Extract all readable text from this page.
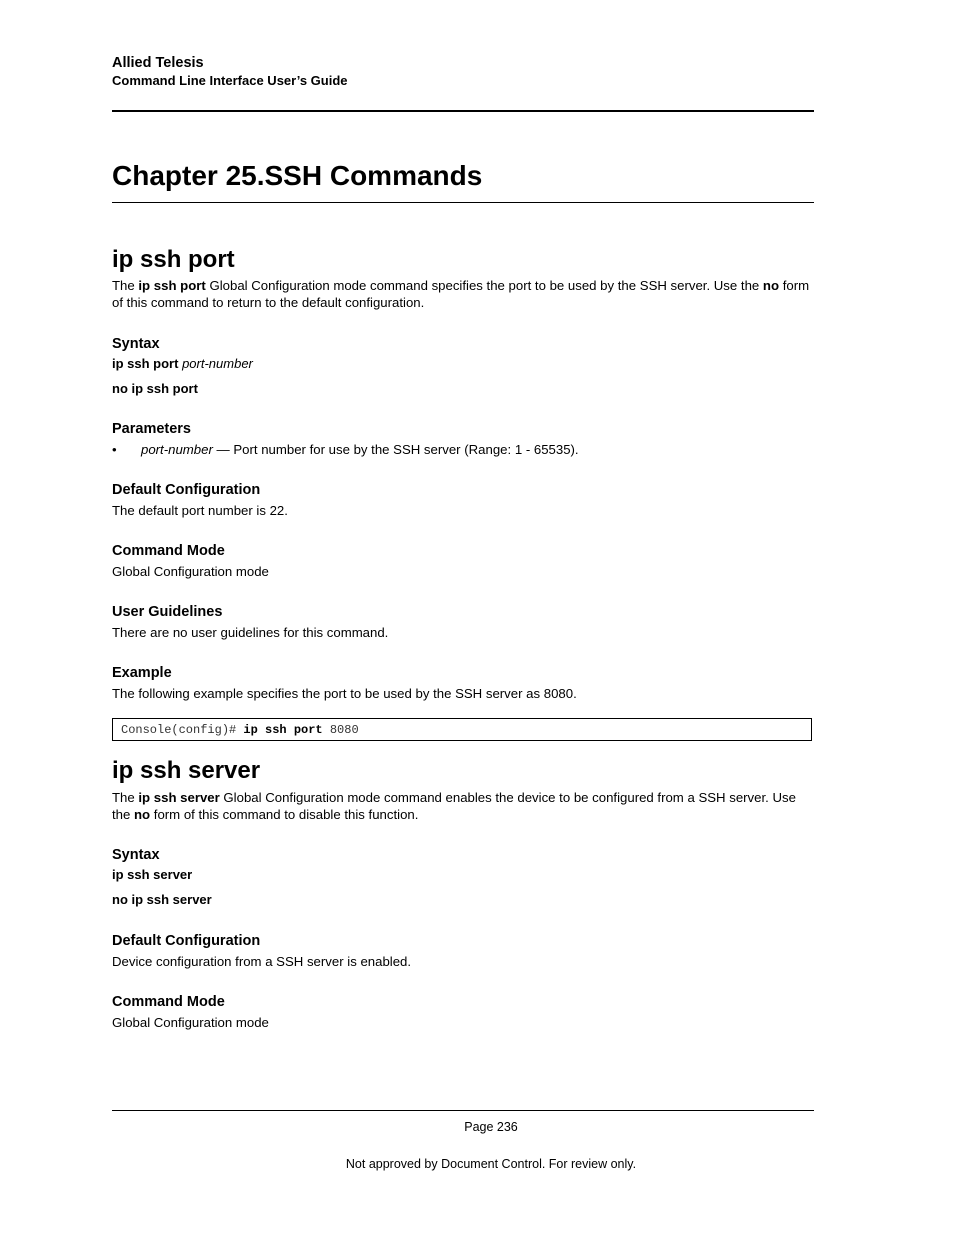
Allied Telesis
Command Line Interface User’s Guide
Chapter 25.SSH Commands
ip ssh port
The ip ssh port Global Configuration mode command specifies the port to be used by the SSH server. Use the no form of this command to return to the default configuration.
Syntax
ip ssh port port-number
no ip ssh port
Parameters
• port-number — Port number for use by the SSH server (Range: 1 - 65535).
Default Configuration
The default port number is 22.
Command Mode
Global Configuration mode
User Guidelines
There are no user guidelines for this command.
Example
The following example specifies the port to be used by the SSH server as 8080.
Console(config)# ip ssh port 8080
ip ssh server
The ip ssh server Global Configuration mode command enables the device to be configured from a SSH server. Use the no form of this command to disable this function.
Syntax
ip ssh server
no ip ssh server
Default Configuration
Device configuration from a SSH server is enabled.
Command Mode
Global Configuration mode
Page 236
Not approved by Document Control. For review only.
